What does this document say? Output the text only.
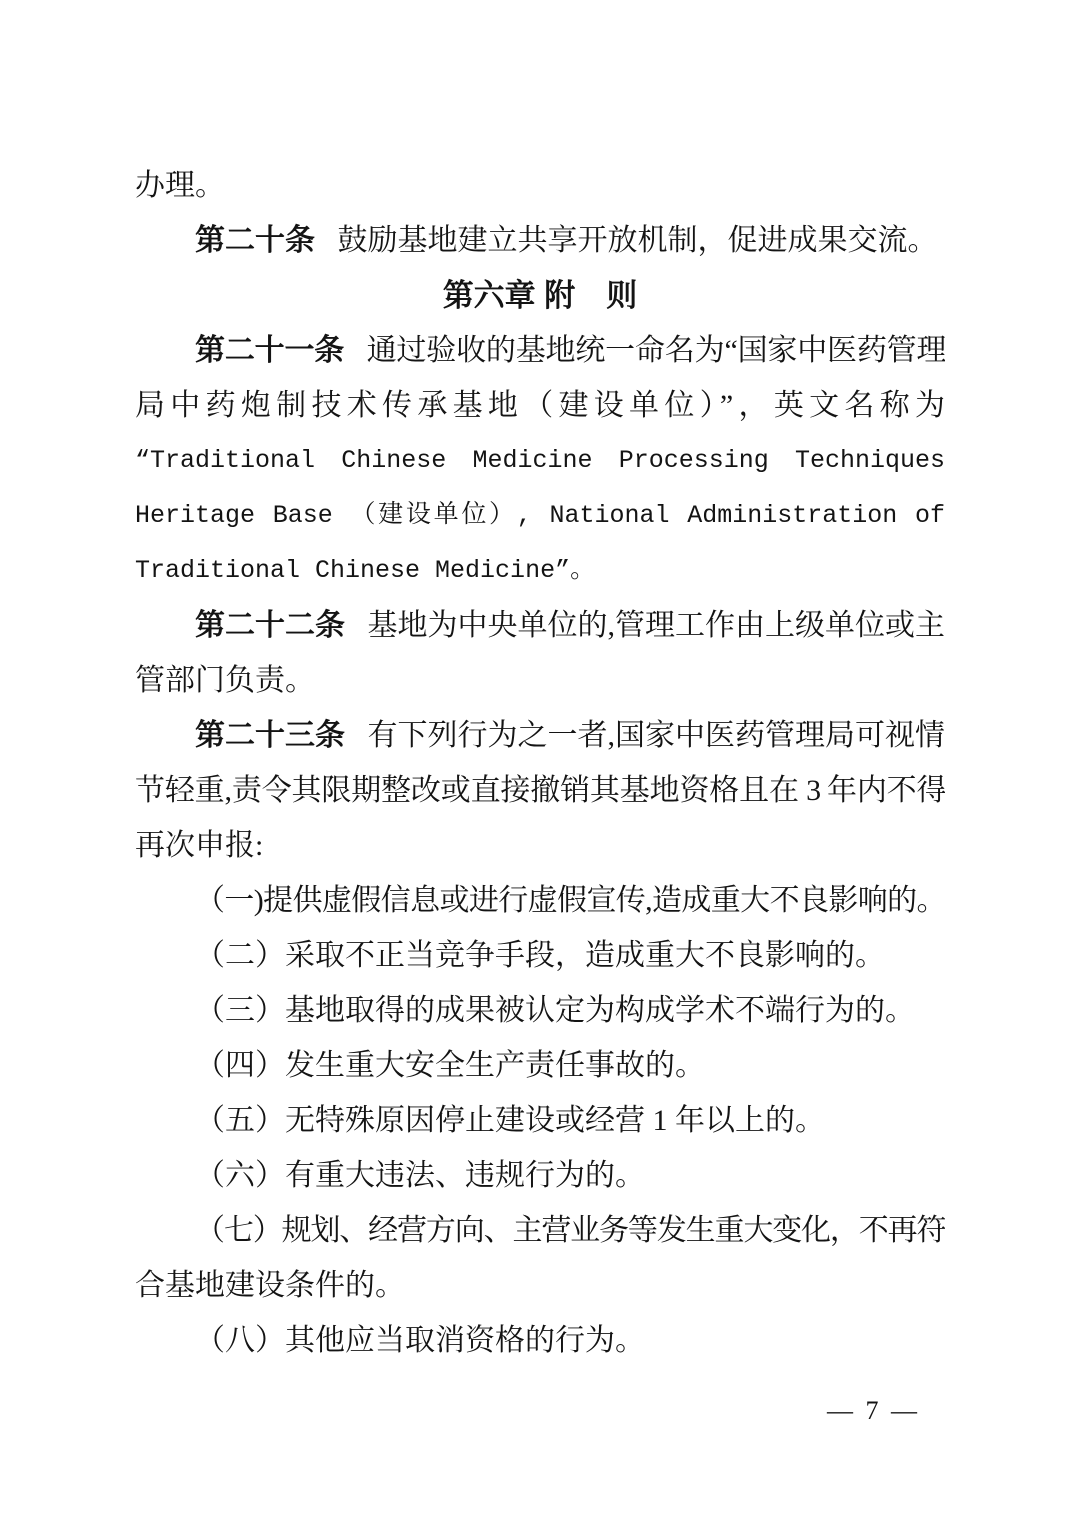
办理。
第二十条 鼓励基地建立共享开放机制，促进成果交流。
第六章 附　则
第二十一条 通过验收的基地统一命名为“国家中医药管理
局中药炮制技术传承基地（建设单位）”，英文名称为
“Traditional Chinese Medicine Processing Techniques
Heritage Base （建设单位）, National Administration of
Traditional Chinese Medicine”。
第二十二条 基地为中央单位的,管理工作由上级单位或主
管部门负责。
第二十三条 有下列行为之一者,国家中医药管理局可视情
节轻重,责令其限期整改或直接撤销其基地资格且在 3 年内不得
再次申报:
（一)提供虚假信息或进行虚假宣传,造成重大不良影响的。
（二）采取不正当竞争手段，造成重大不良影响的。
（三）基地取得的成果被认定为构成学术不端行为的。
（四）发生重大安全生产责任事故的。
（五）无特殊原因停止建设或经营 1 年以上的。
（六）有重大违法、违规行为的。
（七）规划、经营方向、主营业务等发生重大变化，不再符
合基地建设条件的。
（八）其他应当取消资格的行为。
— 7 —
